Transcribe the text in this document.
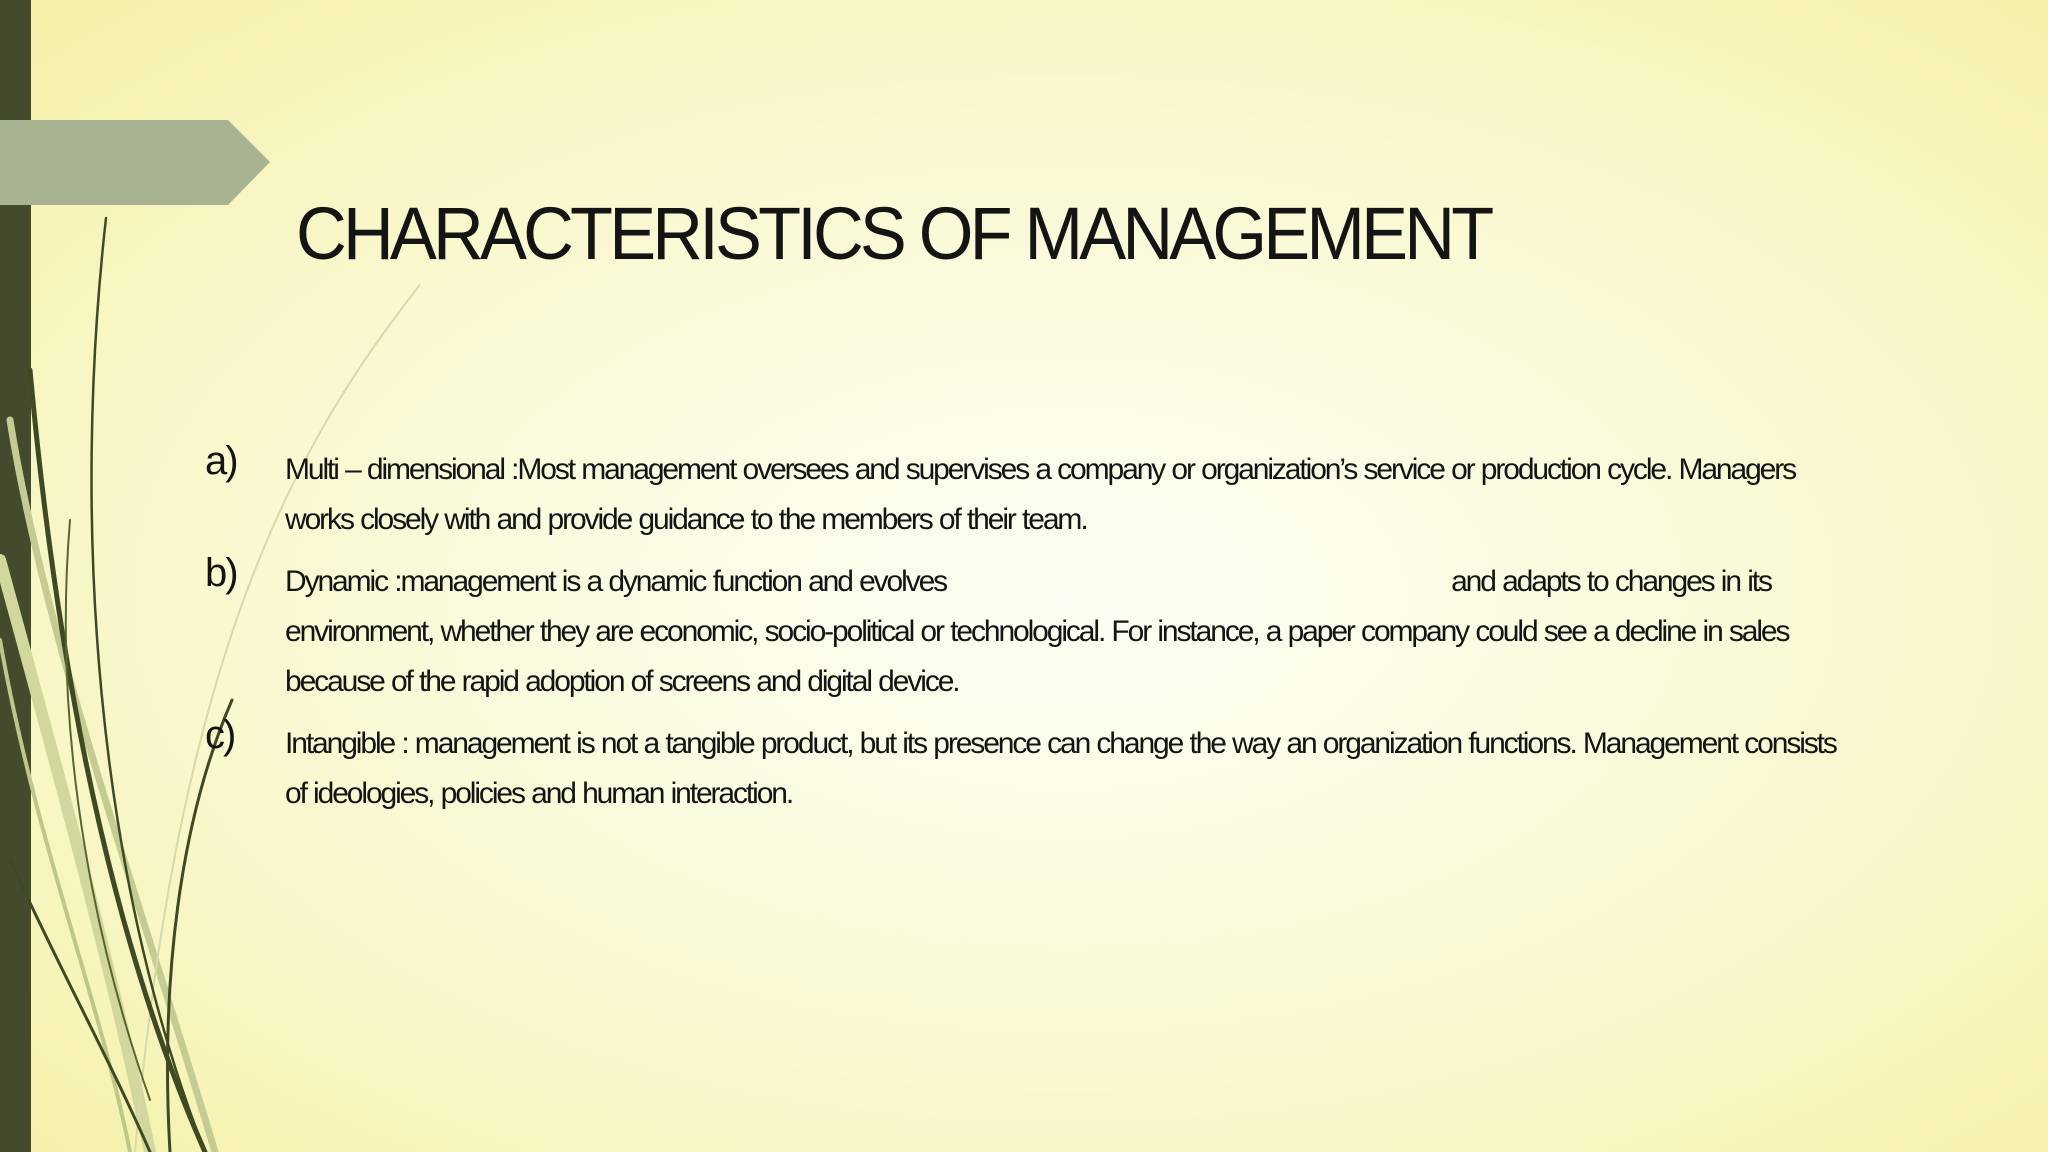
CHARACTERISTICS OF MANAGEMENT
a) Multi – dimensional :Most management oversees and supervises a company or organization’s service or production cycle. Managers works closely with and provide guidance to the members of their team.

b) Dynamic :management is a dynamic function and evolves	and adapts to changes in its environment, whether they are economic, socio-political or technological. For instance, a paper company could see a decline in sales because of the rapid adoption of screens and digital device.

c) Intangible : management is not a tangible product, but its presence can change the way an organization functions. Management consists of ideologies, policies and human interaction.
